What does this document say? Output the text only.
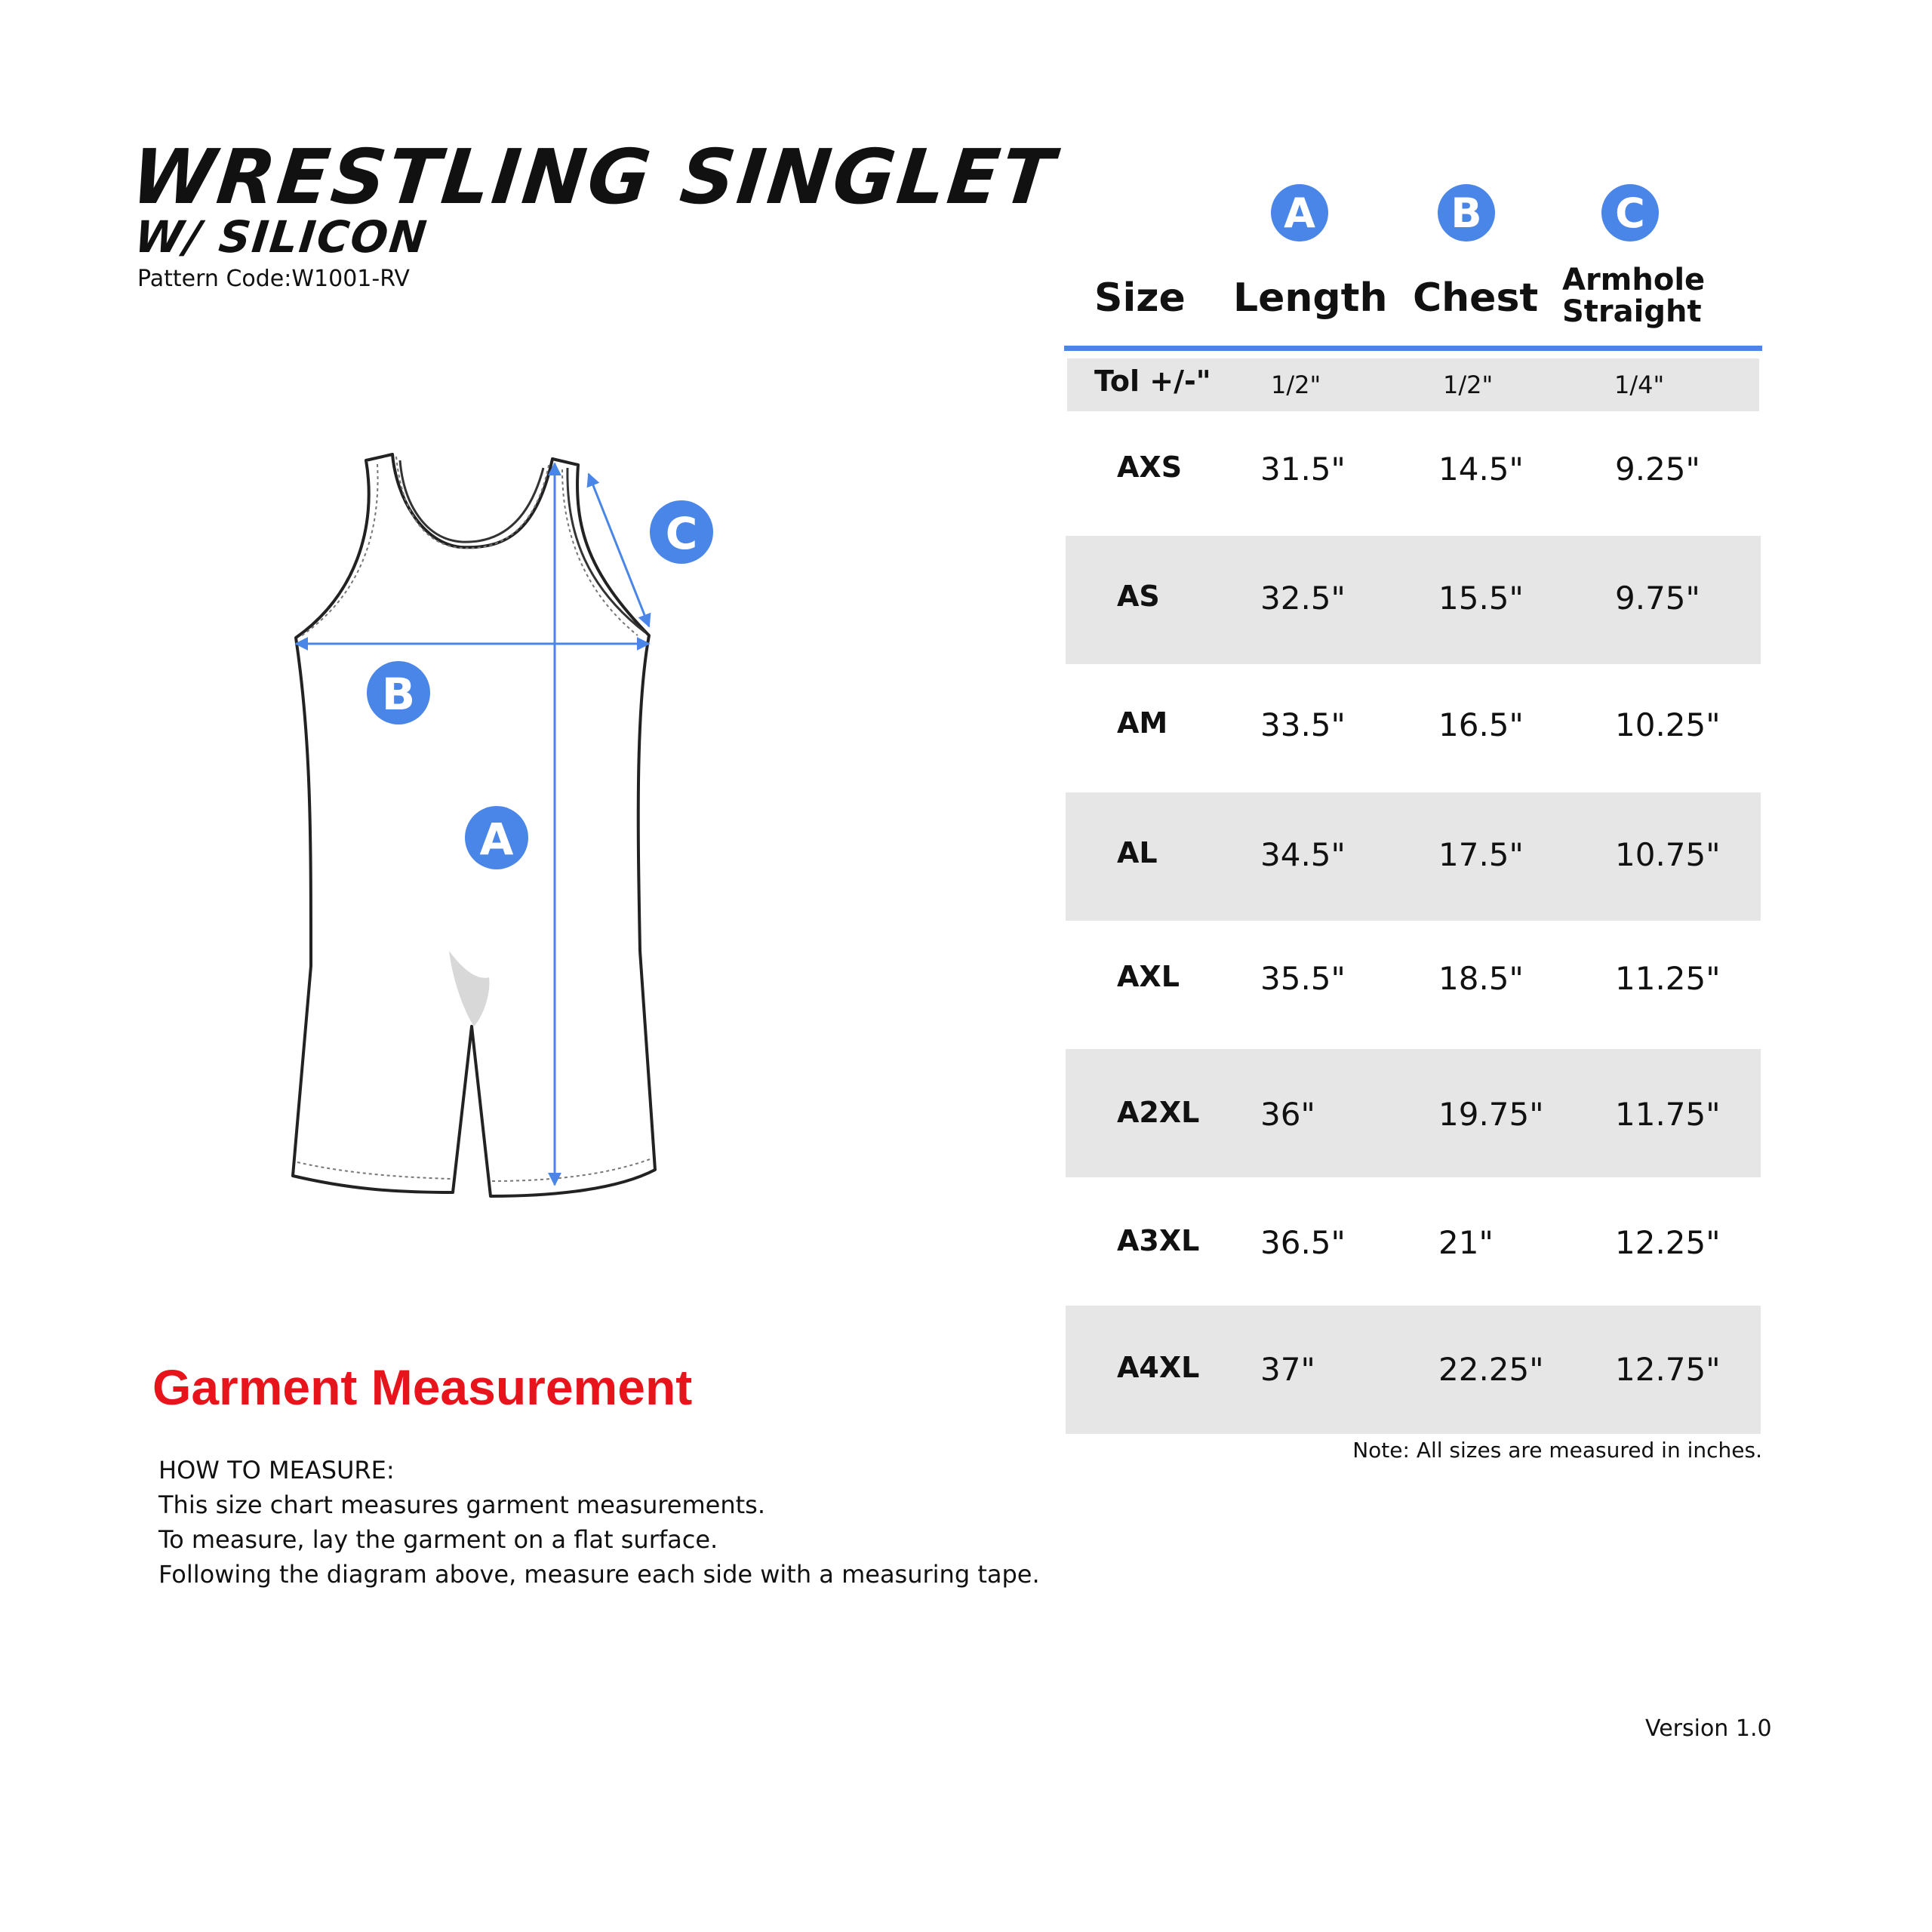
WRESTLING SINGLET
W/ SILICON
Pattern Code:W1001-RV
C
B
A
Garment Measurement
HOW TO MEASURE:
This size chart measures garment measurements.
To measure, lay the garment on a flat surface.
Following the diagram above, measure each side with a measuring tape.
Size
A
Length
B
Chest
C
Armhole
Straight
Tol +/-" 1/2"	1/2"	1/4"
AXS 31.5"	14.5"	9.25"
AS	32.5"	15.5"	9.75"
AM	33.5"	16.5"	10.25"
AL	34.5"	17.5"	10.75"
AXL	35.5"	18.5"	11.25"
A2XL 36"	19.75" 11.75"
A3XL 36.5"	21"	12.25"
A4XL 37"	22.25" 12.75"
Note: All sizes are measured in inches.
Version 1.0
